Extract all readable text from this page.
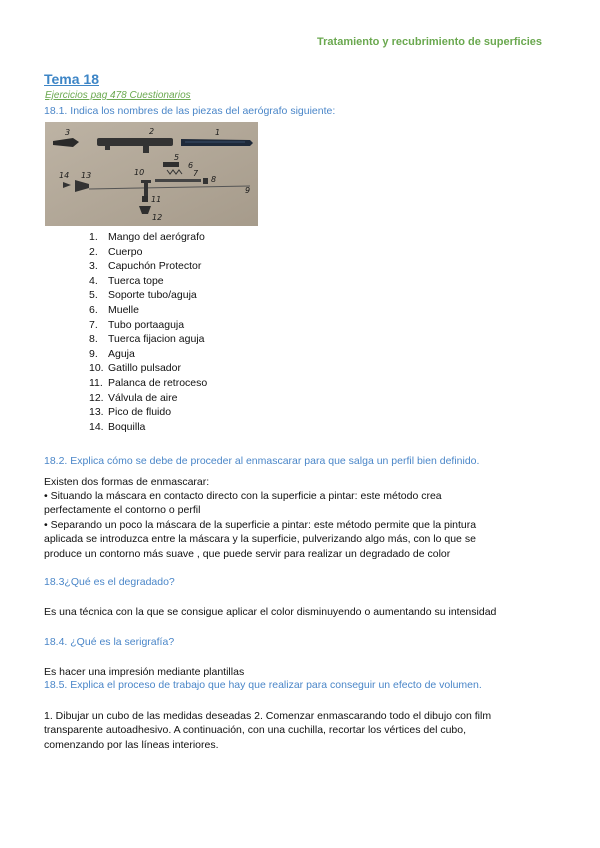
Tratamiento y recubrimiento de superficies
Tema 18
Ejercicios pag 478 Cuestionarios
18.1. Indica los nombres de las piezas del aerógrafo siguiente:
3	2	1
5
6
7
8
9
10
11
12
13
14
1. Mango del aerógrafo
2. Cuerpo
3. Capuchón Protector
4. Tuerca tope
5. Soporte tubo/aguja
6. Muelle
7. Tubo portaaguja
8. Tuerca fijacion aguja
9. Aguja
10. Gatillo pulsador
11. Palanca de retroceso
12. Válvula de aire
13. Pico de fluido
14. Boquilla
18.2. Explica cómo se debe de proceder al enmascarar para que salga un perfil bien definido.
Existen dos formas de enmascarar:
• Situando la máscara en contacto directo con la superficie a pintar: este método crea
perfectamente el contorno o perfil
• Separando un poco la máscara de la superficie a pintar: este método permite que la pintura
aplicada se introduzca entre la máscara y la superficie, pulverizando algo más, con lo que se
produce un contorno más suave , que puede servir para realizar un degradado de color
18.3¿Qué es el degradado?
Es una técnica con la que se consigue aplicar el color disminuyendo o aumentando su intensidad
18.4. ¿Qué es la serigrafía?
Es hacer una impresión mediante plantillas
18.5. Explica el proceso de trabajo que hay que realizar para conseguir un efecto de volumen.
1. Dibujar un cubo de las medidas deseadas 2. Comenzar enmascarando todo el dibujo con film
transparente autoadhesivo. A continuación, con una cuchilla, recortar los vértices del cubo,
comenzando por las líneas interiores.
